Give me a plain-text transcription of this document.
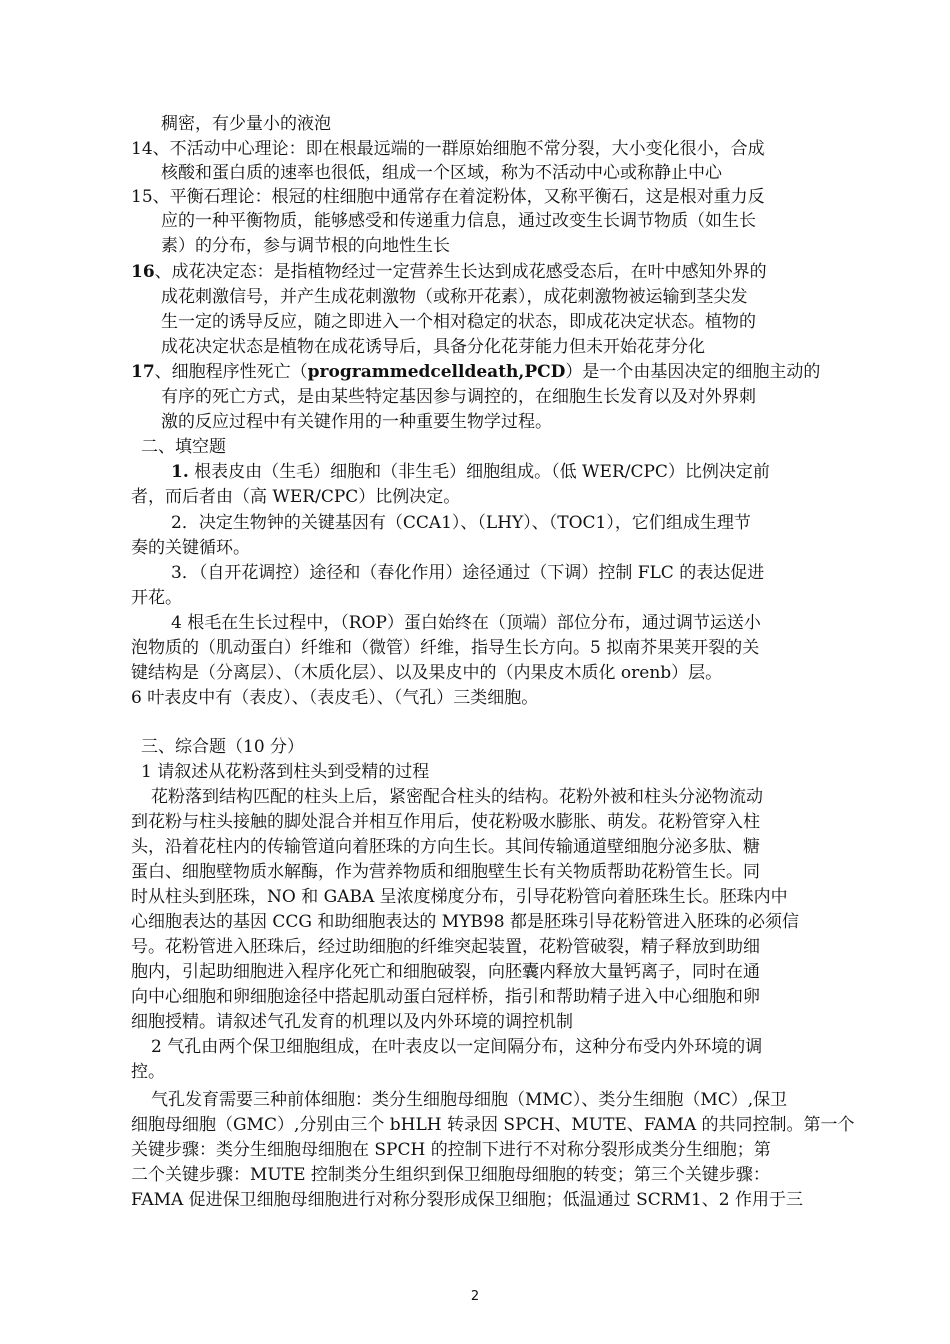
稠密，有少量小的液泡
14、不活动中心理论：即在根最远端的一群原始细胞不常分裂，大小变化很小，合成
核酸和蛋白质的速率也很低，组成一个区域，称为不活动中心或称静止中心
15、平衡石理论：根冠的柱细胞中通常存在着淀粉体，又称平衡石，这是根对重力反
应的一种平衡物质，能够感受和传递重力信息，通过改变生长调节物质（如生长
素）的分布，参与调节根的向地性生长
16、成花决定态：是指植物经过一定营养生长达到成花感受态后，在叶中感知外界的
成花刺激信号，并产生成花刺激物（或称开花素），成花刺激物被运输到茎尖发
生一定的诱导反应，随之即进入一个相对稳定的状态，即成花决定状态。植物的
成花决定状态是植物在成花诱导后，具备分化花芽能力但未开始花芽分化
17、细胞程序性死亡（programmedcelldeath,PCD）是一个由基因决定的细胞主动的
有序的死亡方式，是由某些特定基因参与调控的，在细胞生长发育以及对外界刺
激的反应过程中有关键作用的一种重要生物学过程。
二、填空题
1. 根表皮由（生毛）细胞和（非生毛）细胞组成。（低 WER/CPC）比例决定前
者，而后者由（高 WER/CPC）比例决定。
2．决定生物钟的关键基因有（CCA1）、（LHY）、（TOC1），它们组成生理节
奏的关键循环。
3．（自开花调控）途径和（春化作用）途径通过（下调）控制 FLC 的表达促进
开花。
4 根毛在生长过程中，（ROP）蛋白始终在（顶端）部位分布，通过调节运送小
泡物质的（肌动蛋白）纤维和（微管）纤维，指导生长方向。5 拟南芥果荚开裂的关
键结构是（分离层）、（木质化层）、以及果皮中的（内果皮木质化 orenb）层。
6 叶表皮中有（表皮）、（表皮毛）、（气孔）三类细胞。
三、综合题（10 分）
1 请叙述从花粉落到柱头到受精的过程
花粉落到结构匹配的柱头上后，紧密配合柱头的结构。花粉外被和柱头分泌物流动
到花粉与柱头接触的脚处混合并相互作用后，使花粉吸水膨胀、萌发。花粉管穿入柱
头，沿着花柱内的传输管道向着胚珠的方向生长。其间传输通道壁细胞分泌多肽、糖
蛋白、细胞壁物质水解酶，作为营养物质和细胞壁生长有关物质帮助花粉管生长。同
时从柱头到胚珠，NO 和 GABA 呈浓度梯度分布，引导花粉管向着胚珠生长。胚珠内中
心细胞表达的基因 CCG 和助细胞表达的 MYB98 都是胚珠引导花粉管进入胚珠的必须信
号。花粉管进入胚珠后，经过助细胞的纤维突起装置，花粉管破裂，精子释放到助细
胞内，引起助细胞进入程序化死亡和细胞破裂，向胚囊内释放大量钙离子，同时在通
向中心细胞和卵细胞途径中搭起肌动蛋白冠样桥，指引和帮助精子进入中心细胞和卵
细胞授精。请叙述气孔发育的机理以及内外环境的调控机制
2 气孔由两个保卫细胞组成，在叶表皮以一定间隔分布，这种分布受内外环境的调
控。
气孔发育需要三种前体细胞：类分生细胞母细胞（MMC）、类分生细胞（MC）,保卫
细胞母细胞（GMC）,分别由三个 bHLH 转录因 SPCH、MUTE、FAMA 的共同控制。第一个
关键步骤：类分生细胞母细胞在 SPCH 的控制下进行不对称分裂形成类分生细胞；第
二个关键步骤：MUTE 控制类分生组织到保卫细胞母细胞的转变；第三个关键步骤：
FAMA 促进保卫细胞母细胞进行对称分裂形成保卫细胞；低温通过 SCRM1、2 作用于三
2
